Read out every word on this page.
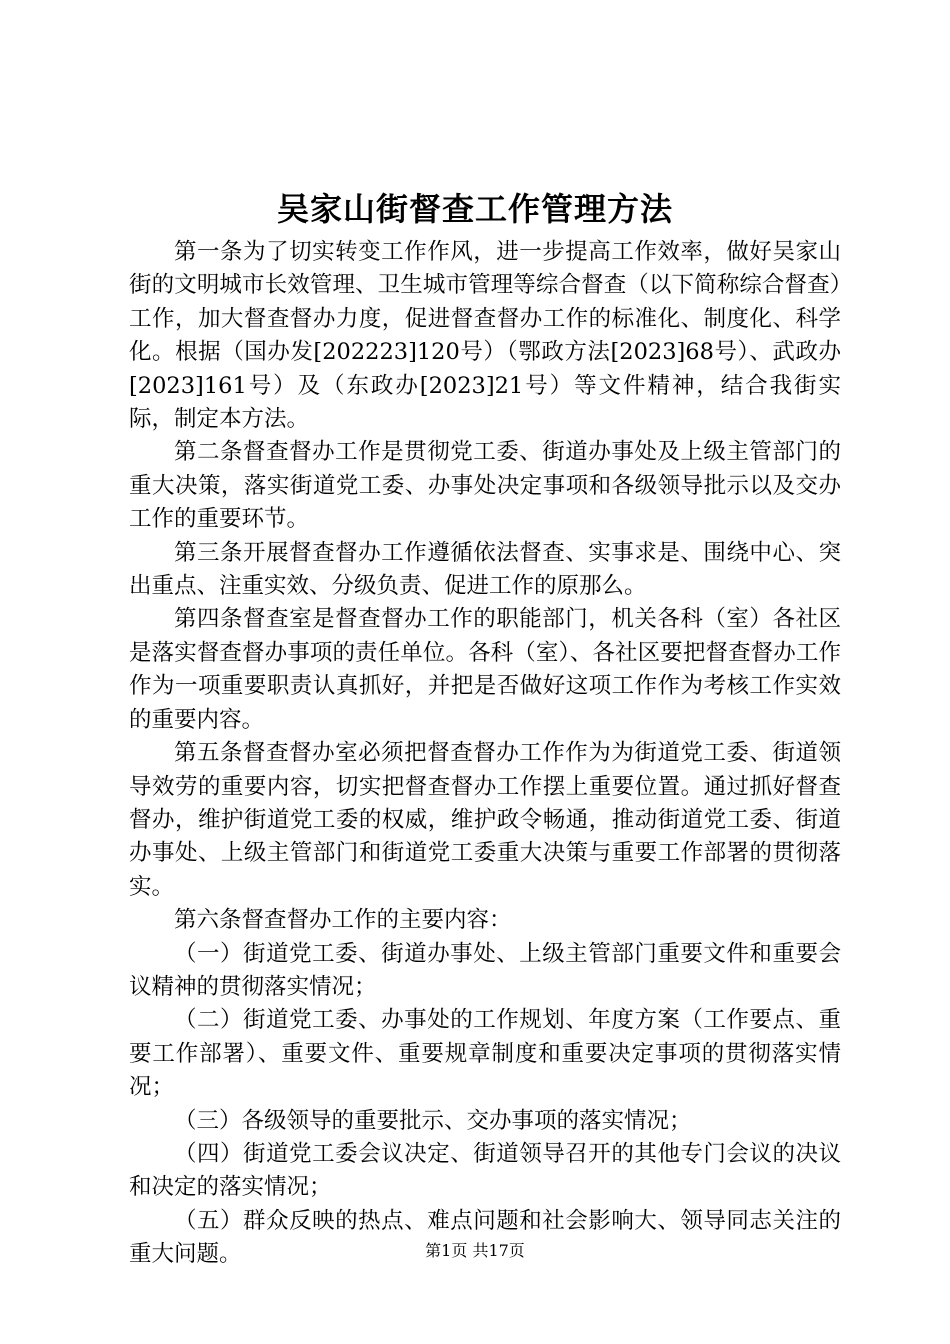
吴家山街督查工作管理方法

第一条为了切实转变工作作风，进一步提高工作效率，做好吴家山街的文明城市长效管理、卫生城市管理等综合督查（以下简称综合督查）工作，加大督查督办力度，促进督查督办工作的标准化、制度化、科学化。根据（国办发[202223]120号）（鄂政方法[2023]68号）、武政办[2023]161号）及（东政办[2023]21号）等文件精神，结合我街实际，制定本方法。

第二条督查督办工作是贯彻党工委、街道办事处及上级主管部门的重大决策，落实街道党工委、办事处决定事项和各级领导批示以及交办工作的重要环节。

第三条开展督查督办工作遵循依法督查、实事求是、围绕中心、突出重点、注重实效、分级负责、促进工作的原那么。

第四条督查室是督查督办工作的职能部门，机关各科（室）各社区是落实督查督办事项的责任单位。各科（室）、各社区要把督查督办工作作为一项重要职责认真抓好，并把是否做好这项工作作为考核工作实效的重要内容。

第五条督查督办室必须把督查督办工作作为为街道党工委、街道领导效劳的重要内容，切实把督查督办工作摆上重要位置。通过抓好督查督办，维护街道党工委的权威，维护政令畅通，推动街道党工委、街道办事处、上级主管部门和街道党工委重大决策与重要工作部署的贯彻落实。

第六条督查督办工作的主要内容：

（一）街道党工委、街道办事处、上级主管部门重要文件和重要会议精神的贯彻落实情况；

（二）街道党工委、办事处的工作规划、年度方案（工作要点、重要工作部署）、重要文件、重要规章制度和重要决定事项的贯彻落实情况；

（三）各级领导的重要批示、交办事项的落实情况；

（四）街道党工委会议决定、街道领导召开的其他专门会议的决议和决定的落实情况；

（五）群众反映的热点、难点问题和社会影响大、领导同志关注的重大问题。	第1页 共17页
